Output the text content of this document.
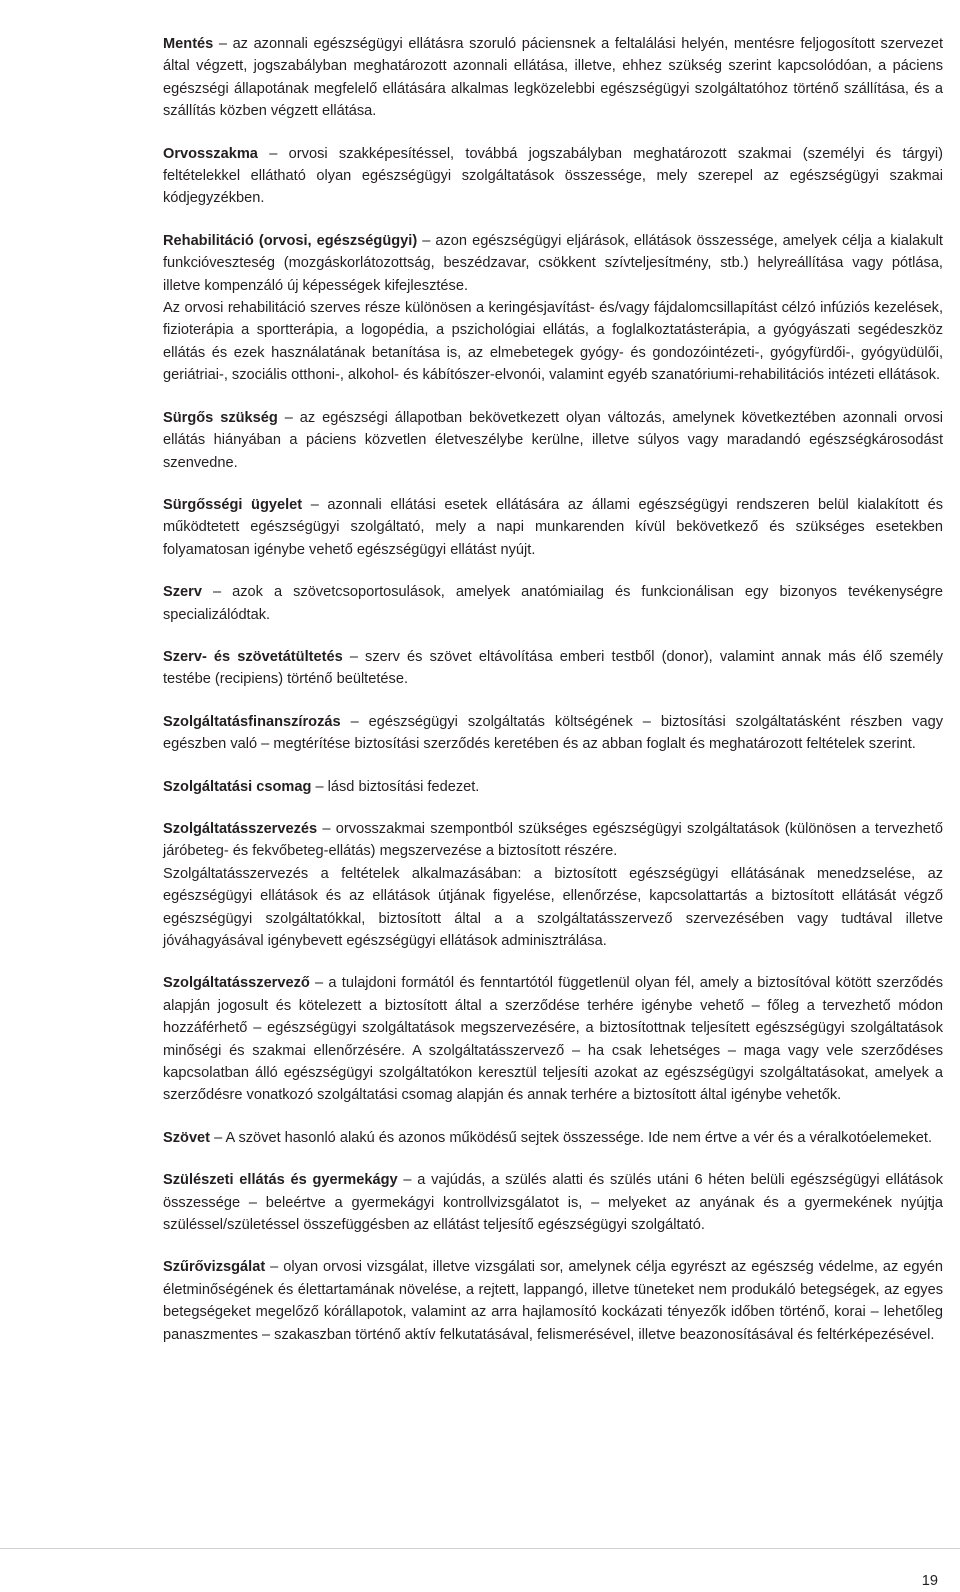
Mentés – az azonnali egészségügyi ellátásra szoruló páciensnek a feltalálási helyén, mentésre feljogosított szervezet által végzett, jogszabályban meghatározott azonnali ellátása, illetve, ehhez szükség szerint kapcsolódóan, a páciens egészségi állapotának megfelelő ellátására alkalmas legközelebbi egészségügyi szolgáltatóhoz történő szállítása, és a szállítás közben végzett ellátása.

Orvosszakma – orvosi szakképesítéssel, továbbá jogszabályban meghatározott szakmai (személyi és tárgyi) feltételekkel ellátható olyan egészségügyi szolgáltatások összessége, mely szerepel az egészségügyi szakmai kódjegyzékben.

Rehabilitáció (orvosi, egészségügyi) – azon egészségügyi eljárások, ellátások összessége, amelyek célja a kialakult funkcióveszteség (mozgáskorlátozottság, beszédzavar, csökkent szívteljesítmény, stb.) helyreállítása vagy pótlása, illetve kompenzáló új képességek kifejlesztése.

Az orvosi rehabilitáció szerves része különösen a keringésjavítást- és/vagy fájdalomcsillapítást célzó infúziós kezelések, fizioterápia a sportterápia, a logopédia, a pszichológiai ellátás, a foglalkoztatásterápia, a gyógyászati segédeszköz ellátás és ezek használatának betanítása is, az elmebetegek gyógy- és gondozóintézeti-, gyógyfürdői-, gyógyüdülői, geriátriai-, szociális otthoni-, alkohol- és kábítószer-elvonói, valamint egyéb szanatóriumi-rehabilitációs intézeti ellátások.

Sürgős szükség – az egészségi állapotban bekövetkezett olyan változás, amelynek következtében azonnali orvosi ellátás hiányában a páciens közvetlen életveszélybe kerülne, illetve súlyos vagy maradandó egészségkárosodást szenvedne.

Sürgősségi ügyelet – azonnali ellátási esetek ellátására az állami egészségügyi rendszeren belül kialakított és működtetett egészségügyi szolgáltató, mely a napi munkarenden kívül bekövetkező és szükséges esetekben folyamatosan igénybe vehető egészségügyi ellátást nyújt.

Szerv – azok a szövetcsoportosulások, amelyek anatómiailag és funkcionálisan egy bizonyos tevékenységre specializálódtak.

Szerv- és szövetátültetés – szerv és szövet eltávolítása emberi testből (donor), valamint annak más élő személy testébe (recipiens) történő beültetése.

Szolgáltatásfinanszírozás – egészségügyi szolgáltatás költségének – biztosítási szolgáltatásként részben vagy egészben való – megtérítése biztosítási szerződés keretében és az abban foglalt és meghatározott feltételek szerint.

Szolgáltatási csomag – lásd biztosítási fedezet.

Szolgáltatásszervezés – orvosszakmai szempontból szükséges egészségügyi szolgáltatások (különösen a tervezhető járóbeteg- és fekvőbeteg-ellátás) megszervezése a biztosított részére.

Szolgáltatásszervezés a feltételek alkalmazásában: a biztosított egészségügyi ellátásának menedzselése, az egészségügyi ellátások és az ellátások útjának figyelése, ellenőrzése, kapcsolattartás a biztosított ellátását végző egészségügyi szolgáltatókkal, biztosított által a a szolgáltatásszervező szervezésében vagy tudtával illetve jóváhagyásával igénybevett egészségügyi ellátások adminisztrálása.

Szolgáltatásszervező – a tulajdoni formától és fenntartótól függetlenül olyan fél, amely a biztosítóval kötött szerződés alapján jogosult és kötelezett a biztosított által a szerződése terhére igénybe vehető – főleg a tervezhető módon hozzáférhető – egészségügyi szolgáltatások megszervezésére, a biztosítottnak teljesített egészségügyi szolgáltatások minőségi és szakmai ellenőrzésére. A szolgáltatásszervező – ha csak lehetséges – maga vagy vele szerződéses kapcsolatban álló egészségügyi szolgáltatókon keresztül teljesíti azokat az egészségügyi szolgáltatásokat, amelyek a szerződésre vonatkozó szolgáltatási csomag alapján és annak terhére a biztosított által igénybe vehetők.

Szövet – A szövet hasonló alakú és azonos működésű sejtek összessége. Ide nem értve a vér és a véralkotóelemeket.

Szülészeti ellátás és gyermekágy – a vajúdás, a szülés alatti és szülés utáni 6 héten belüli egészségügyi ellátások összessége – beleértve a gyermekágyi kontrollvizsgálatot is, – melyeket az anyának és a gyermekének nyújtja szüléssel/születéssel összefüggésben az ellátást teljesítő egészségügyi szolgáltató.

Szűrővizsgálat – olyan orvosi vizsgálat, illetve vizsgálati sor, amelynek célja egyrészt az egészség védelme, az egyén életminőségének és élettartamának növelése, a rejtett, lappangó, illetve tüneteket nem produkáló betegségek, az egyes betegségeket megelőző kórállapotok, valamint az arra hajlamosító kockázati tényezők időben történő, korai – lehetőleg panaszmentes – szakaszban történő aktív felkutatásával, felismerésével, illetve beazonosításával és feltérképezésével.

19
